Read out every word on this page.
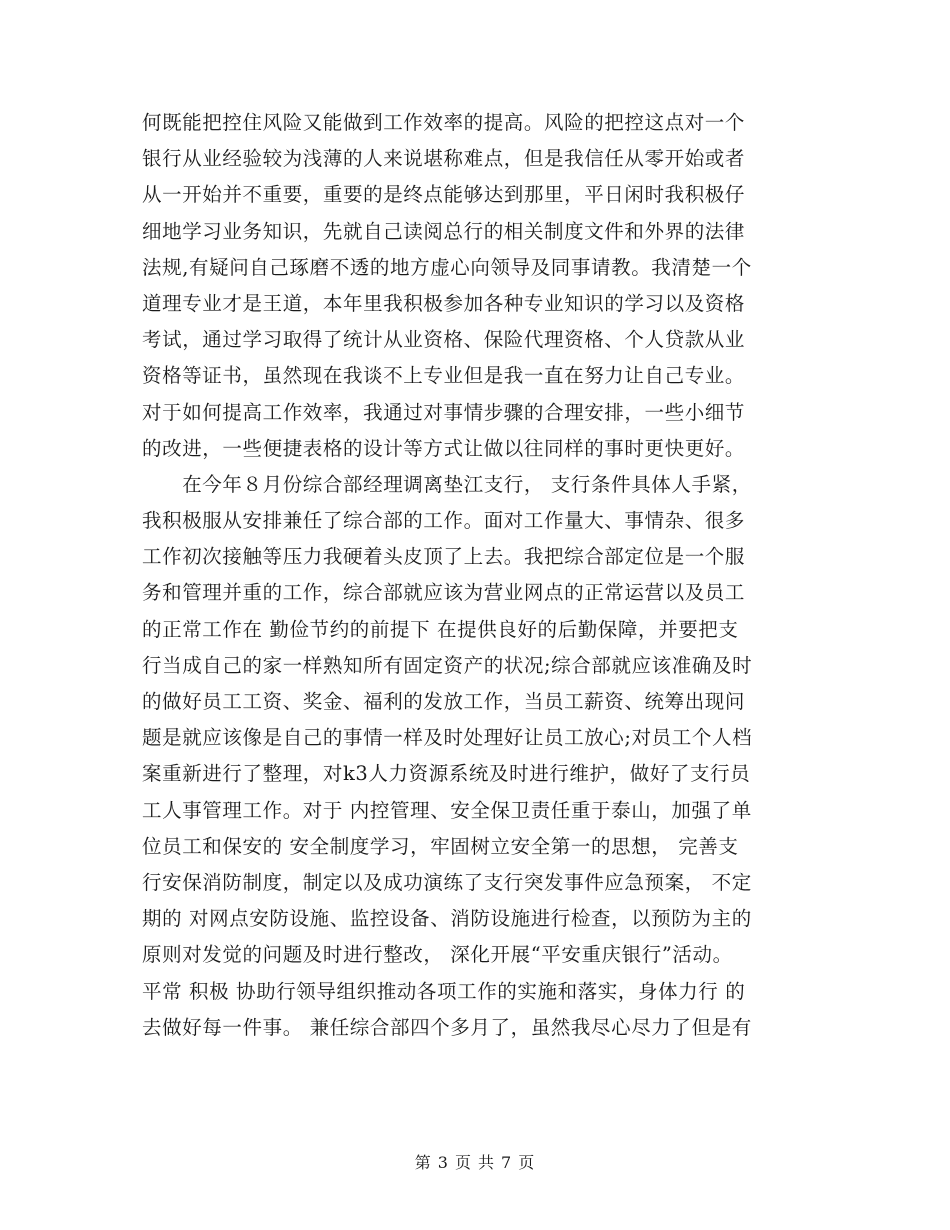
何既能把控住风险又能做到工作效率的提高。风险的把控这点对一个
银行从业经验较为浅薄的人来说堪称难点，但是我信任从零开始或者
从一开始并不重要，重要的是终点能够达到那里，平日闲时我积极仔
细地学习业务知识，先就自己读阅总行的相关制度文件和外界的法律
法规,有疑问自己琢磨不透的地方虚心向领导及同事请教。我清楚一个
道理专业才是王道，本年里我积极参加各种专业知识的学习以及资格
考试，通过学习取得了统计从业资格、保险代理资格、个人贷款从业
资格等证书，虽然现在我谈不上专业但是我一直在努力让自己专业。
对于如何提高工作效率，我通过对事情步骤的合理安排，一些小细节
的改进，一些便捷表格的设计等方式让做以往同样的事时更快更好。
　　在今年８月份综合部经理调离垫江支行， 支行条件具体人手紧，
我积极服从安排兼任了综合部的工作。面对工作量大、事情杂、很多
工作初次接触等压力我硬着头皮顶了上去。我把综合部定位是一个服
务和管理并重的工作，综合部就应该为营业网点的正常运营以及员工
的正常工作在 勤俭节约的前提下 在提供良好的后勤保障，并要把支
行当成自己的家一样熟知所有固定资产的状况;综合部就应该准确及时
的做好员工工资、奖金、福利的发放工作，当员工薪资、统筹出现问
题是就应该像是自己的事情一样及时处理好让员工放心;对员工个人档
案重新进行了整理，对k3人力资源系统及时进行维护，做好了支行员
工人事管理工作。对于 内控管理、安全保卫责任重于泰山，加强了单
位员工和保安的 安全制度学习，牢固树立安全第一的思想， 完善支
行安保消防制度，制定以及成功演练了支行突发事件应急预案， 不定
期的 对网点安防设施、监控设备、消防设施进行检查，以预防为主的
原则对发觉的问题及时进行整改， 深化开展“平安重庆银行”活动。
平常 积极 协助行领导组织推动各项工作的实施和落实，身体力行 的
去做好每一件事。 兼任综合部四个多月了，虽然我尽心尽力了但是有
第 3 页 共 7 页
